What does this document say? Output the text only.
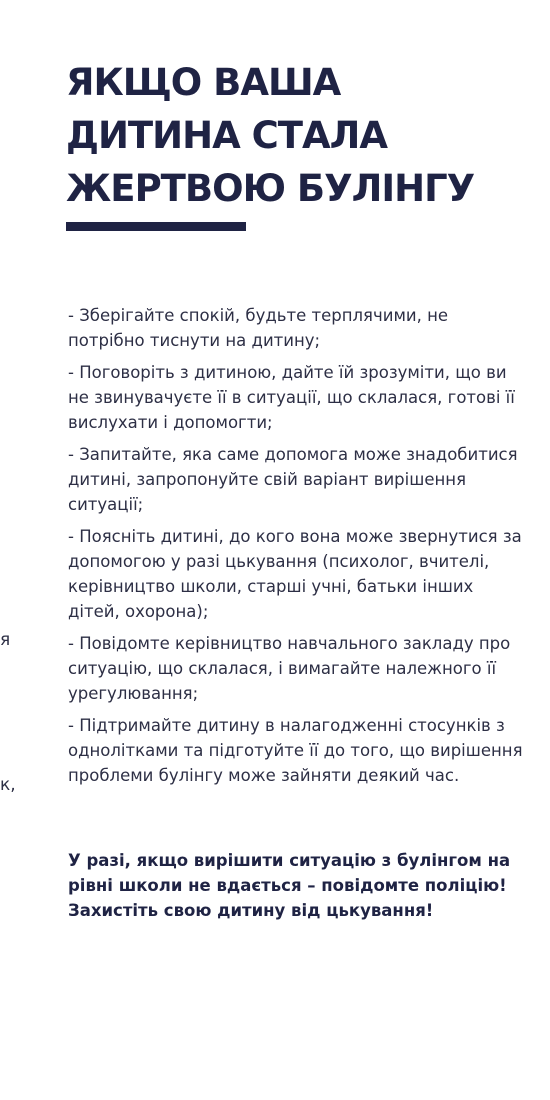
ЯКЩО ВАША
ДИТИНА СТАЛА
ЖЕРТВОЮ БУЛІНГУ
- Зберігайте спокій, будьте терплячими, не потрібно тиснути на дитину;
- Поговоріть з дитиною, дайте їй зрозуміти, що ви не звинувачуєте її в ситуації, що склалася, готові її вислухати і допомогти;
- Запитайте, яка саме допомога може знадобитися дитині, запропонуйте свій варіант вирішення ситуації;
- Поясніть дитині, до кого вона може звернутися за допомогою у разі цькування (психолог, вчителі, керівництво школи, старші учні, батьки інших дітей, охорона);
- Повідомте керівництво навчального закладу про ситуацію, що склалася, і вимагайте належного її урегулювання;
- Підтримайте дитину в налагодженні стосунків з однолітками та підготуйте її до того, що вирішення проблеми булінгу може зайняти деякий час.

У разі, якщо вирішити ситуацію з булінгом на рівні школи не вдається – повідомте поліцію! Захистіть свою дитину від цькування!

я
к,
